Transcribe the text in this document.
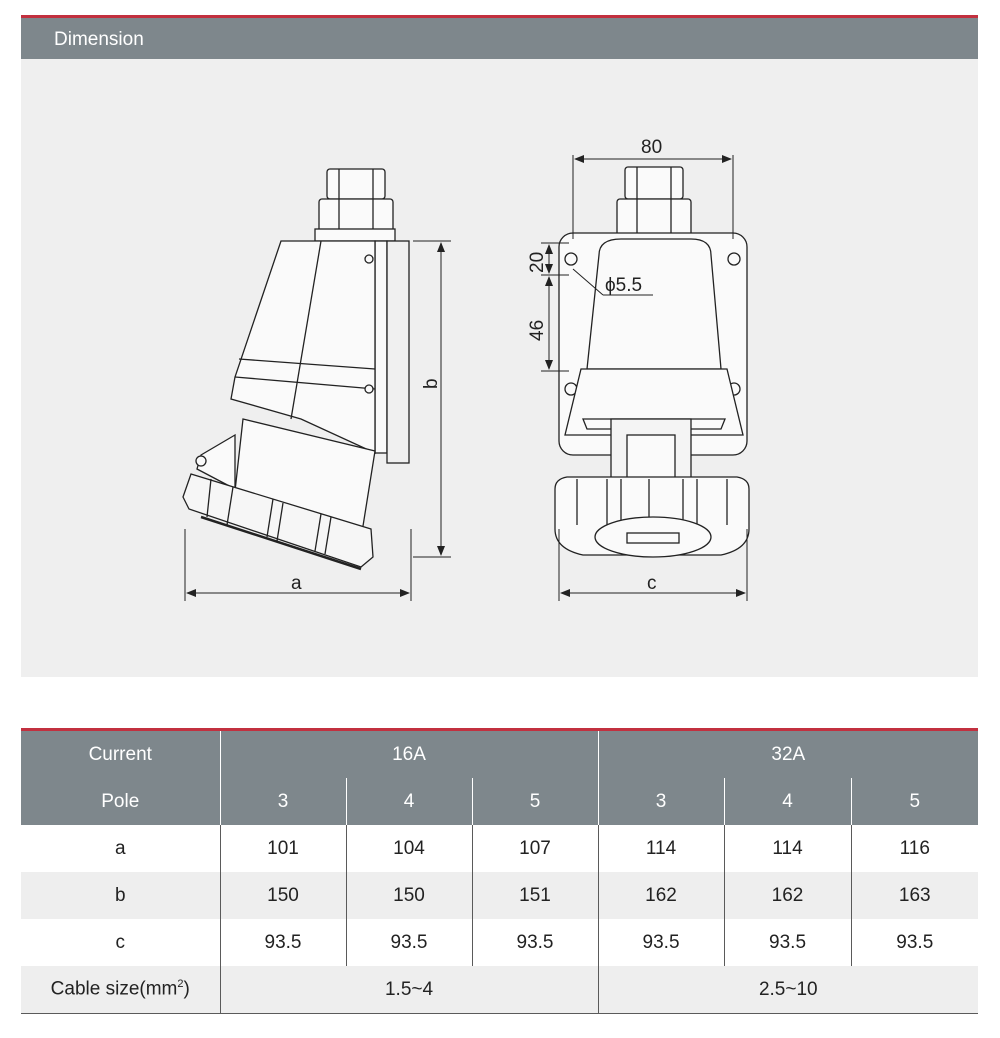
Dimension
a
b
80
20
46
ϕ5.5
c
Current	16A			32A		
Pole	3	4	5	3	4	5
a	101	104	107	114	114	116
b	150	150	151	162	162	163
c	93.5	93.5	93.5	93.5	93.5	93.5
Cable $size(mm^2)$	1.5~4			2.5~10		
